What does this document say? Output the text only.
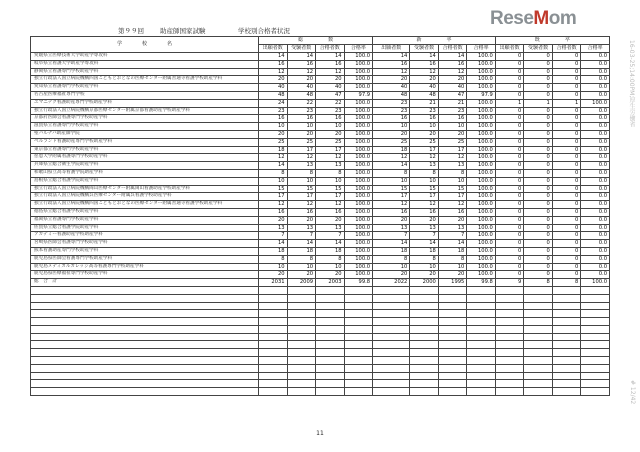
ReseMom
第９９回 助産師国家試験	学校別合格者状況
16-03-25;14:00PM;厚生労働省
# 12/42
学　　　　校　　　　名	総　　　　　数				新　　　　　卒				既　　　　　卒			
	出願者数	受験者数	合格者数	合格率	出願者数	受験者数	合格者数	合格率	出願者数	受験者数	合格者数	合格率
愛媛県立医療技術大学助産学専攻科	14	14	14	100.0	14	14	14	100.0	0	0	0	0.0
岐阜県立看護大学助産学専攻科	16	16	16	100.0	16	16	16	100.0	0	0	0	0.0
静岡県立看護専門学校助産学科	12	12	12	100.0	12	12	12	100.0	0	0	0	0.0
独立行政法人国立病院機構四国こどもとおとなの医療センター附属善通寺看護学校助産学科	20	20	20	100.0	20	20	20	100.0	0	0	0	0.0
愛知県立看護専門学校助産学科	40	40	40	100.0	40	40	40	100.0	0	0	0	0.0
名古屋医療福祉専門学校	48	48	47	97.9	48	48	47	97.9	0	0	0	0.0
ユマニテク看護助産専門学校助産学科	24	22	22	100.0	23	21	21	100.0	1	1	1	100.0
独立行政法人国立病院機構京都医療センター附属京都看護助産学校助産学科	23	23	23	100.0	23	23	23	100.0	0	0	0	0.0
京都府医師会看護専門学校助産学科	16	16	16	100.0	16	16	16	100.0	0	0	0	0.0
滋賀県立看護専門学校助産学科	10	10	10	100.0	10	10	10	100.0	0	0	0	0.0
聖バルナバ助産師学院	20	20	20	100.0	20	20	20	100.0	0	0	0	0.0
ベルランド看護助産専門学校助産学科	25	25	25	100.0	25	25	25	100.0	0	0	0	0.0
東京都立看護専門学校助産学科	18	17	17	100.0	18	17	17	100.0	0	0	0	0.0
慈恵大学附属看護専門学校助産学科	12	12	12	100.0	12	12	12	100.0	0	0	0	0.0
兵庫県立総合衛生学院助産学科	14	13	13	100.0	14	13	13	100.0	0	0	0	0.0
和歌山県立高等看護学院助産学科	8	8	8	100.0	8	8	8	100.0	0	0	0	0.0
島根県立総合看護学院助産学科	10	10	10	100.0	10	10	10	100.0	0	0	0	0.0
独立行政法人国立病院機構岡山医療センター附属岡山看護助産学校助産学科	15	15	15	100.0	15	15	15	100.0	0	0	0	0.0
独立行政法人国立病院機構呉医療センター附属呉看護学校助産学科	17	17	17	100.0	17	17	17	100.0	0	0	0	0.0
独立行政法人国立病院機構四国こどもとおとなの医療センター附属善通寺看護学校助産学科	12	12	12	100.0	12	12	12	100.0	0	0	0	0.0
徳島県立総合看護学校助産学科	16	16	16	100.0	16	16	16	100.0	0	0	0	0.0
福岡県立看護専門学校助産学科	20	20	20	100.0	20	20	20	100.0	0	0	0	0.0
佐賀県立総合看護学院助産学科	13	13	13	100.0	13	13	13	100.0	0	0	0	0.0
アカデミー看護助産学校助産学科	7	7	7	100.0	7	7	7	100.0	0	0	0	0.0
宮崎県医師会看護専門学校助産学科	14	14	14	100.0	14	14	14	100.0	0	0	0	0.0
熊本看護助産専門学校助産学科	18	18	18	100.0	18	18	18	100.0	0	0	0	0.0
鹿児島県医師会看護専門学校助産学科	8	8	8	100.0	8	8	8	100.0	0	0	0	0.0
鹿児島メディカルカレッジ高等看護専門学校助産学科	10	10	10	100.0	10	10	10	100.0	0	0	0	0.0
鹿児島県医療福祉専門学校助産学科	20	20	20	100.0	20	20	20	100.0	0	0	0	0.0
総　合　計	2031	2009	2003	99.8	2022	2000	1995	99.8	9	8	8	100.0

11
